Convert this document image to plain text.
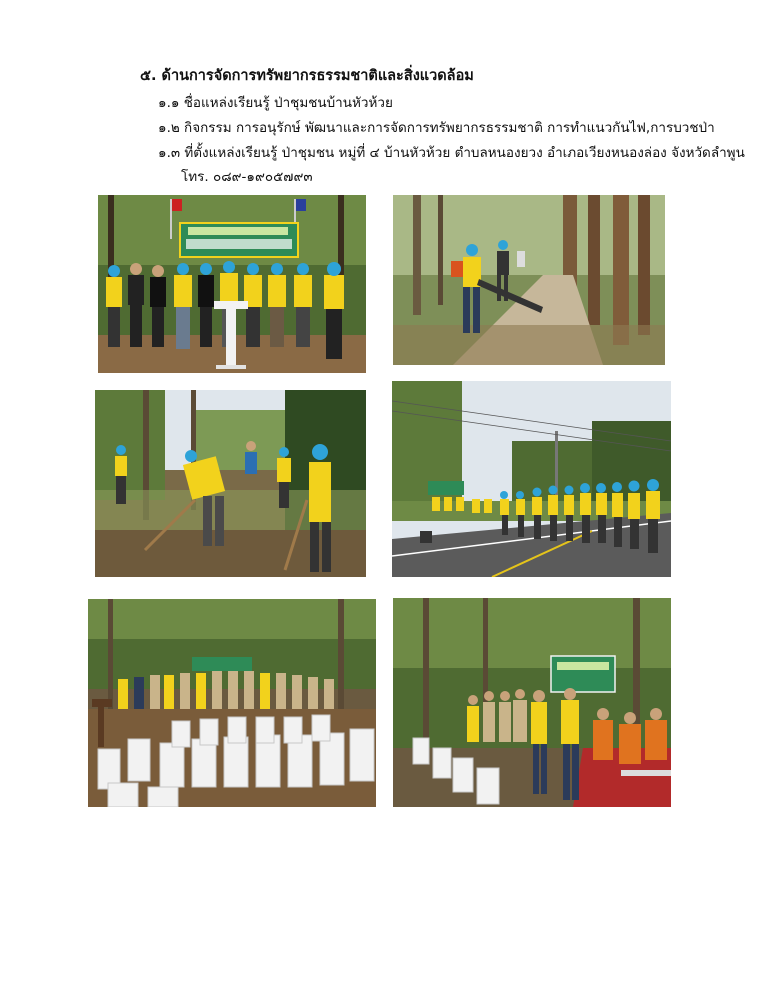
๕. ด้านการจัดการทรัพยากรธรรมชาติและสิ่งแวดล้อม
๑.๑ ชื่อแหล่งเรียนรู้ ป่าชุมชนบ้านหัวห้วย
๑.๒ กิจกรรม การอนุรักษ์ พัฒนาและการจัดการทรัพยากรธรรมชาติ การทำแนวกันไฟ,การบวชป่า
๑.๓ ที่ตั้งแหล่งเรียนรู้ ป่าชุมชน หมู่ที่ ๔ บ้านหัวห้วย ตำบลหนองยวง อำเภอเวียงหนองล่อง จังหวัดลำพูน
โทร. ๐๘๙-๑๙๐๕๗๙๓
